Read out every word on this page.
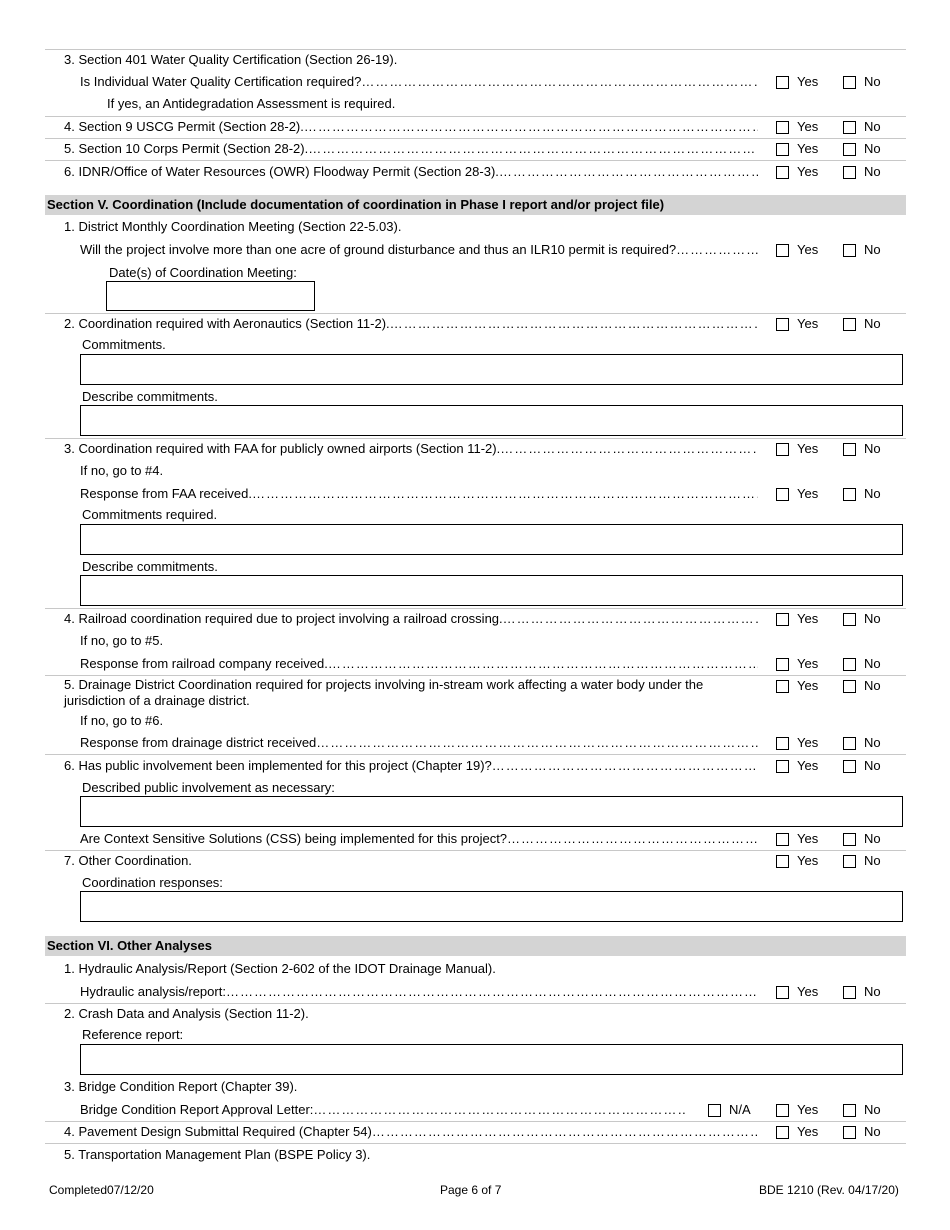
3. Section 401 Water Quality Certification (Section 26-19).
Is Individual Water Quality Certification required? ……………………………………………………………………………………………………………………………………………………………………………………………	Yes	No
If yes, an Antidegradation Assessment is required.
4. Section 9 USCG Permit (Section 28-2). ……………………………………………………………………………………………………………………………………………………………………………………………	Yes	No
5. Section 10 Corps Permit (Section 28-2). ……………………………………………………………………………………………………………………………………………………………………………………………	Yes	No
6. IDNR/Office of Water Resources (OWR) Floodway Permit (Section 28-3). ……………………………………………………………………………………………………………………………………………………………………………………………	Yes	No
Section V. Coordination (Include documentation of coordination in Phase I report and/or project file)
1. District Monthly Coordination Meeting (Section 22-5.03).
Will the project involve more than one acre of ground disturbance and thus an ILR10 permit is required? ……………………………………………………………………………………………………………………………………………………………………………………………	Yes	No
Date(s) of Coordination Meeting:
2. Coordination required with Aeronautics (Section 11-2). ……………………………………………………………………………………………………………………………………………………………………………………………	Yes	No
Commitments.
Describe commitments.
3. Coordination required with FAA for publicly owned airports (Section 11-2). ……………………………………………………………………………………………………………………………………………………………………………………………	Yes	No
If no, go to #4.
Response from FAA received. ……………………………………………………………………………………………………………………………………………………………………………………………	Yes	No
Commitments required.
Describe commitments.
4. Railroad coordination required due to project involving a railroad crossing. ……………………………………………………………………………………………………………………………………………………………………………………………	Yes	No
If no, go to #5.
Response from railroad company received. ……………………………………………………………………………………………………………………………………………………………………………………………	Yes	No
5. Drainage District Coordination required for projects involving in-stream work affecting a water body under the jurisdiction of a drainage district.
Yes	No
If no, go to #6.
Response from drainage district received ……………………………………………………………………………………………………………………………………………………………………………………………	Yes	No
6. Has public involvement been implemented for this project (Chapter 19)? ……………………………………………………………………………………………………………………………………………………………………………………………	Yes	No
Described public involvement as necessary:
Are Context Sensitive Solutions (CSS) being implemented for this project? ……………………………………………………………………………………………………………………………………………………………………………………………	Yes	No
7. Other Coordination.	Yes	No
Coordination responses:
Section VI. Other Analyses
1. Hydraulic Analysis/Report (Section 2-602 of the IDOT Drainage Manual).
Hydraulic analysis/report: ……………………………………………………………………………………………………………………………………………………………………………………………	Yes	No
2. Crash Data and Analysis (Section 11-2).
Reference report:
3. Bridge Condition Report (Chapter 39).
Bridge Condition Report Approval Letter: ……………………………………………………………………………………………………………………………………………………………………………………………	N/A	Yes	No
4. Pavement Design Submittal Required (Chapter 54) ……………………………………………………………………………………………………………………………………………………………………………………………	Yes	No
5. Transportation Management Plan (BSPE Policy 3).
Completed07/12/20	Page 6 of 7	BDE 1210 (Rev. 04/17/20)
